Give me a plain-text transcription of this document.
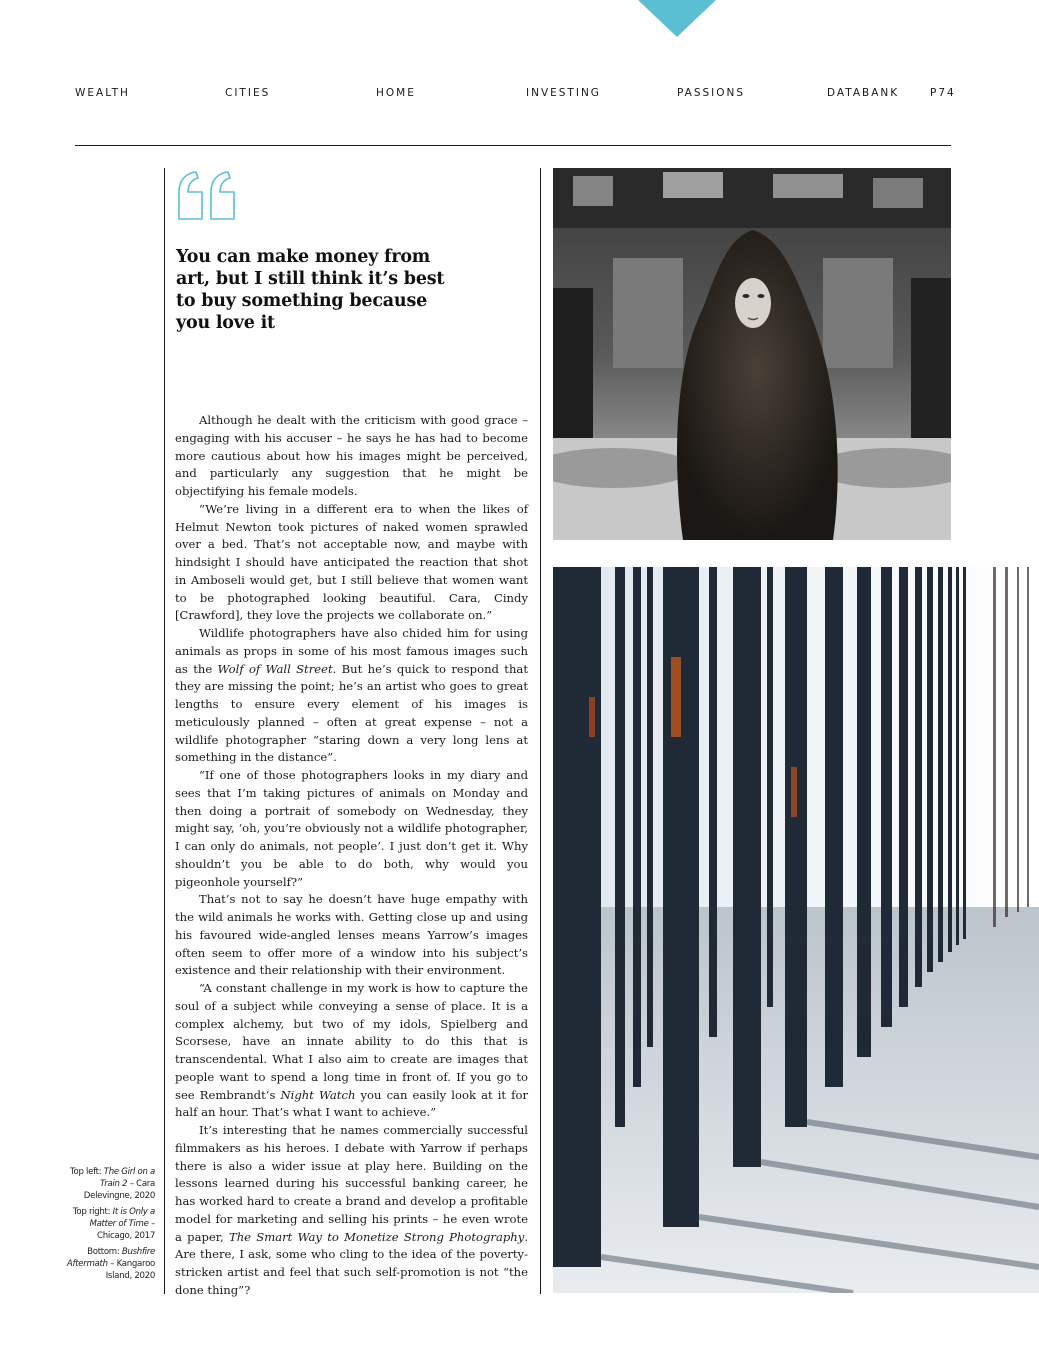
WEALTH	CITIES	HOME	INVESTING	PASSIONS	DATABANK	P74

You can make money from
art, but I still think it’s best
to buy something because
you love it

Although he dealt with the criticism with good grace – engaging with his accuser – he says he has had to become more cautious about how his images might be perceived, and particularly any suggestion that he might be objectifying his female models.

“We’re living in a different era to when the likes of Helmut Newton took pictures of naked women sprawled over a bed. That’s not acceptable now, and maybe with hindsight I should have anticipated the reaction that shot in Amboseli would get, but I still believe that women want to be photographed looking beautiful. Cara, Cindy [Crawford], they love the projects we collaborate on.”

Wildlife photographers have also chided him for using animals as props in some of his most famous images such as the Wolf of Wall Street. But he’s quick to respond that they are missing the point; he’s an artist who goes to great lengths to ensure every element of his images is meticulously planned – often at great expense – not a wildlife photographer “staring down a very long lens at something in the distance”.

“If one of those photographers looks in my diary and sees that I’m taking pictures of animals on Monday and then doing a portrait of somebody on Wednesday, they might say, ‘oh, you’re obviously not a wildlife photographer, I can only do animals, not people’. I just don’t get it. Why shouldn’t you be able to do both, why would you pigeonhole yourself?”

That’s not to say he doesn’t have huge empathy with the wild animals he works with. Getting close up and using his favoured wide-angled lenses means Yarrow’s images often seem to offer more of a window into his subject’s existence and their relationship with their environment.

“A constant challenge in my work is how to capture the soul of a subject while conveying a sense of place. It is a complex alchemy, but two of my idols, Spielberg and Scorsese, have an innate ability to do this that is transcendental. What I also aim to create are images that people want to spend a long time in front of. If you go to see Rembrandt’s Night Watch you can easily look at it for half an hour. That’s what I want to achieve.”

It’s interesting that he names commercially successful filmmakers as his heroes. I debate with Yarrow if perhaps there is also a wider issue at play here. Building on the lessons learned during his successful banking career, he has worked hard to create a brand and develop a profitable model for marketing and selling his prints – he even wrote a paper, The Smart Way to Monetize Strong Photography. Are there, I ask, some who cling to the idea of the poverty-stricken artist and feel that such self-promotion is not “the done thing”?

Top left: The Girl on a Train 2 – Cara Delevingne, 2020

Top right: It is Only a Matter of Time – Chicago, 2017

Bottom: Bushfire Aftermath – Kangaroo Island, 2020
